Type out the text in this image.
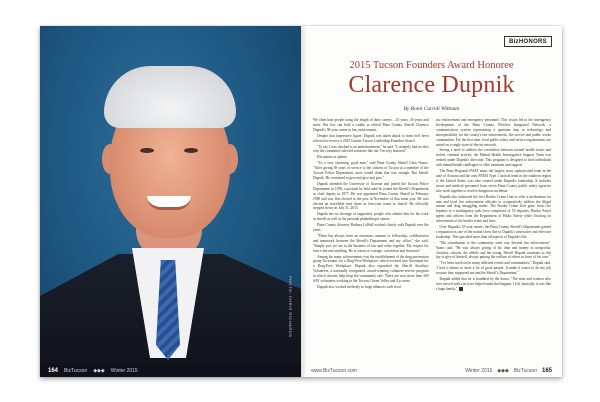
PHOTO: CHRIS RICHARDS
164 BizTucson ◆◆◆ Winter 2015
BizHONORS
2015 Tucson Founders Award Honoree
Clarence Dupnik
By Romi Carrell Wittman

We often hear people using the length of their careers – 25 years, 30 years and more. But few can hold a candle to retired Pima County Sheriff Clarence Dupnik's 58-year career in law enforcement.

Despite that impressive figure, Dupnik was taken aback to learn he'd been selected to receive a 2015 Greater Tucson Leadership Founders Award.

"To say I was shocked is an understatement," he said. "I certainly had no idea why the committee selected someone like me. I'm very honored."

His mantra is upbeat.

"It's a very charming, good man," said Pima County Sheriff Chris Nanos. "After giving 58 years of service to the citizens of Tucson as a member of the Tucson Police Department, most would think that was enough. But Sheriff Dupnik. He continued to give and give and give."

Dupnik attended the University of Arizona and joined the Tucson Police Department in 1958, a position he held until he joined the Sheriff's Department as chief deputy in 1977. He was appointed Pima County Sheriff in February 1980 and was first elected to the post in November of that same year. He was elected an incredible nine times in four-year terms as sheriff. He officially stepped down on July 31, 2015.

Dupnik has no shortage of supporters, people who admire him for his work as sheriff as well as his personal philanthropic causes.

Pima County Attorney Barbara LaWall worked closely with Dupnik over the years.

"There has always been an enormous amount of fellowship, collaboration and teamwork between the Sheriff's Department and my office," she said. "Simply put, we are in the business of law and order together. My respect for him is beyond anything. He is a man of courage, conviction and character."

Among his many achievements was the establishment of the drug-prevention group Tucsonans for a Drug-Free Workplace, which evolved into Arizonans for a Drug-Free Workplace. Dupnik also organized the Sheriff Auxiliary Volunteers, a nationally recognized, award-winning volunteer-service program in which citizens help keep the community safe. There are now more than 300 SAV volunteers working in the Tucson, Green Valley and Ajo areas.

Dupnik also worked tirelessly to forge alliances with local

law enforcement and emergency personnel. This vision led to the interagency development of the Pima County Wireless Integrated Network, a communication system representing a quantum leap in technology and interoperability for the county's law enforcement, fire service and public works communities. For the first time, local public safety and service organizations are united on a single state-of-the-art network.

Seeing a need to address the correlation between mental health issues and violent criminal activity, the Mental Health Investigative Support Team was created under Dupnik's direction. This program is designed to find individuals with mental health challenges to offer treatment and support.

The Pima Regional SWAT team, the largest, most sophisticated team in the state of Arizona and the only FEMA Type 1 tactical team in the southern region of the United States, was also created under Dupnik's leadership. It includes sworn and medical personnel from seven Pima County public safety agencies who work together to resolve dangerous incidents.

Dupnik also fashioned the first Border Crime Unit to offer a mechanism for state and local law enforcement officials to cooperatively address the illegal human and drug smuggling trades. The Border Crime Unit grew from five deputies to a multiagency task force comprised of 18 deputies, Border Patrol agents and officers from the Department of Public Safety while focusing on enforcement of the border crime and laws.

Over Dupnik's 35-year tenure, the Pima County Sheriff's Department gained a reputation as one of the nation's best due to Dupnik's innovative and effective leadership. This upscaled more than all aspects of Dupnik's life.

"His contribution to the community went way beyond law enforcement," Nanos said. "He was always giving of his time and money to nonprofits, churches, schools, the elderly and the young. Sheriff Dupnik continues to this day to give of himself, always putting the welfare of others in front of his own."

"I've been involved in many different events and communities," Dupnik said. "I had a chance to meet a lot of good people. It made it easier to do my job because they supported me and the Sheriff's Department."

Dupnik added that he is humbled by the honor. "The men and women who have served with you have helped make that happen. I felt, basically, it was like a huge family."

www.BizTucson.com	Winter 2015 ◆◆◆ BizTucson 165
